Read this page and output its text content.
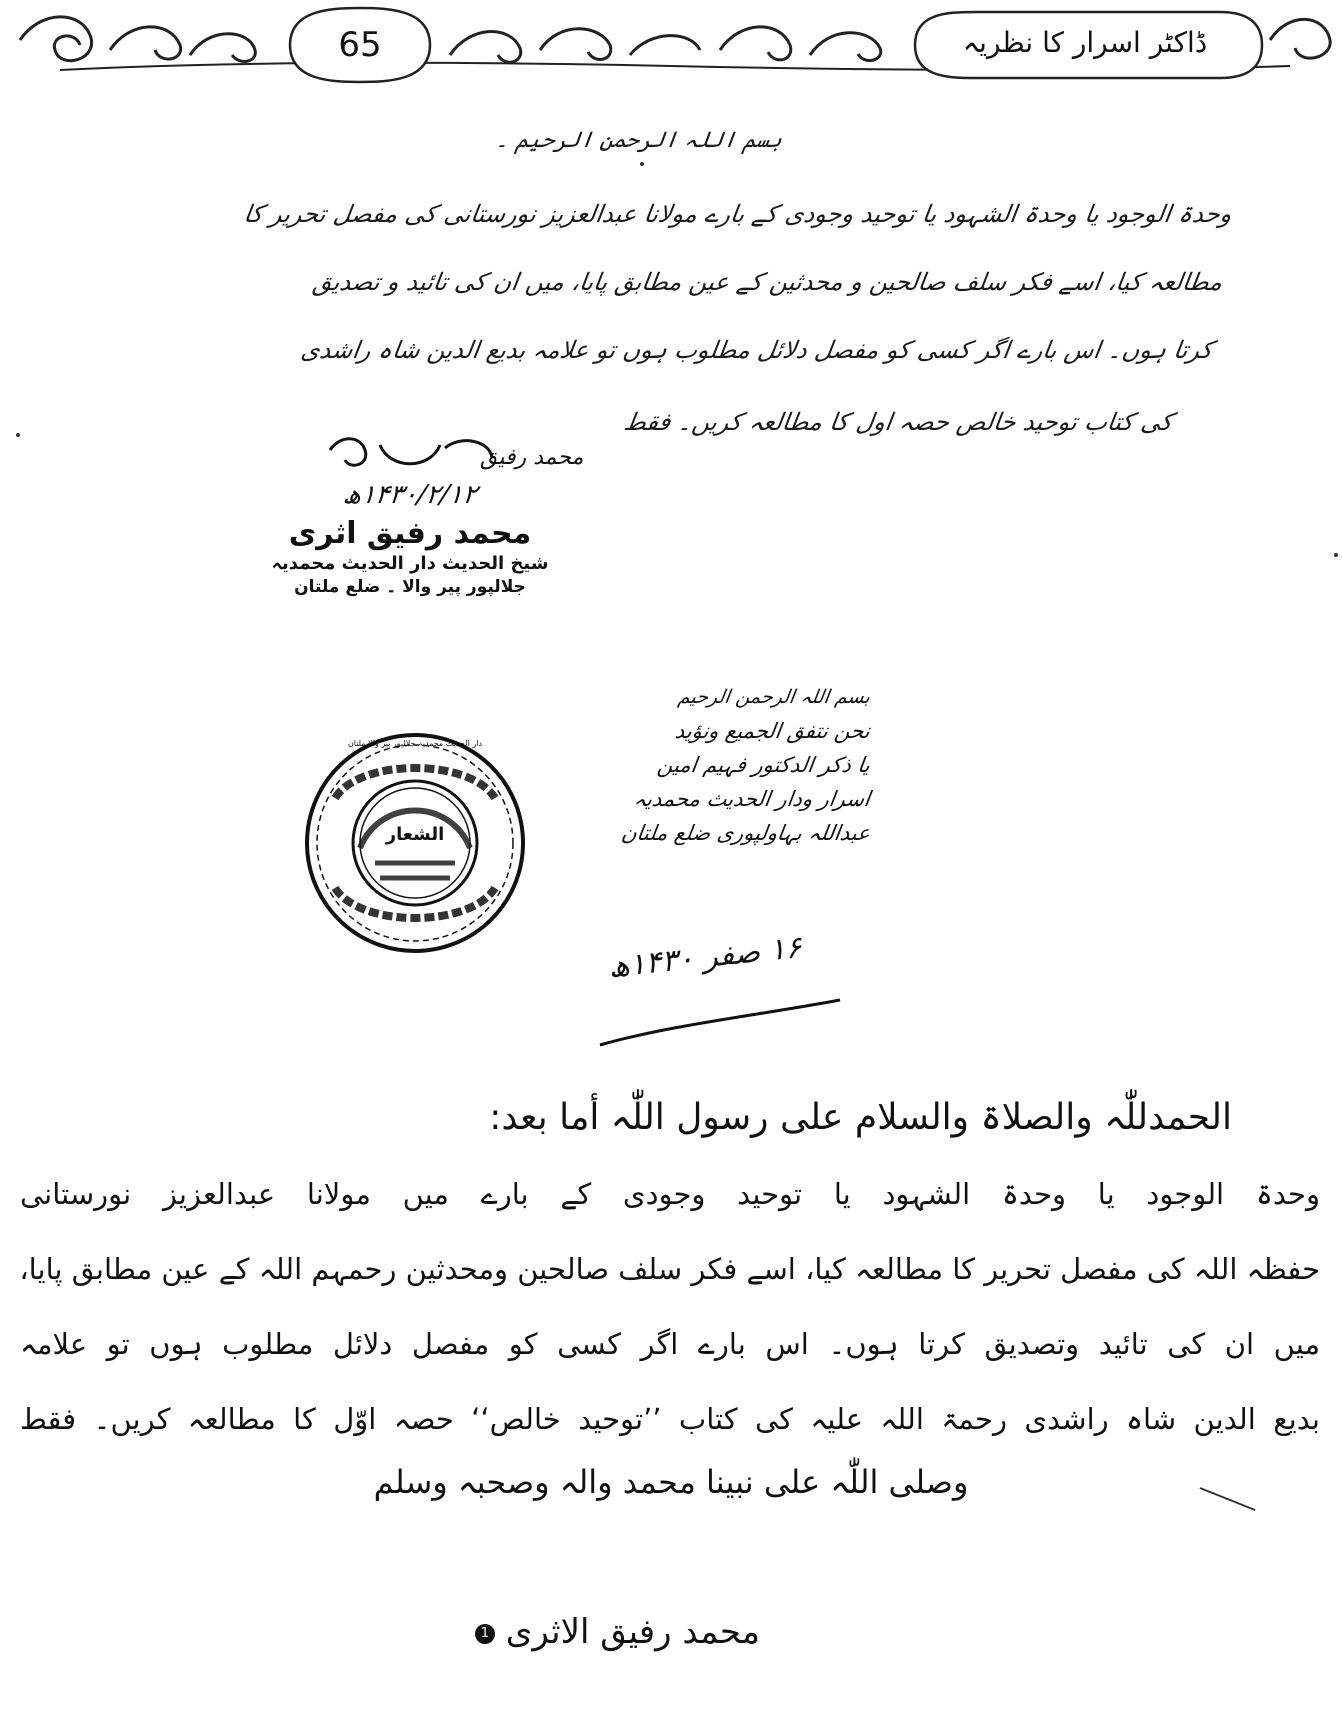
65	ڈاکٹر اسرار کا نظریہ
بسم اللہ الرحمن الرحیم ۔
وحدۃ الوجود یا وحدۃ الشہود یا توحید وجودی کے بارے مولانا عبدالعزیز نورستانی کی مفصل تحریر کا
مطالعہ کیا، اسے فکر سلف صالحین و محدثین کے عین مطابق پایا، میں ان کی تائید و تصدیق
کرتا ہوں۔ اس بارے اگر کسی کو مفصل دلائل مطلوب ہوں تو علامہ بدیع الدین شاہ راشدی
کی کتاب توحید خالص حصہ اول کا مطالعہ کریں۔ فقط
۱۴۳۰/۲/۱۲ھ
محمد رفیق اثری
شیخ الحدیث دار الحدیث محمدیہ
جلالپور پیر والا ۔ ضلع ملتان
محمد رفیق
الشعار
دار الحدیث محمدیہ جلالپور پیر والا ملتان
بسم اللہ الرحمن الرحیم
نحن نتفق الجمیع ونؤید
یا ذکر الدکتور فہیم امین
اسرار ودار الحدیث محمدیہ
عبداللہ بہاولپوری ضلع ملتان
۱۶ صفر ۱۴۳۰ھ
الحمدللّٰہ والصلاۃ والسلام علی رسول اللّٰہ أما بعد:
وحدۃ الوجود یا وحدۃ الشہود یا توحید وجودی کے بارے میں مولانا عبدالعزیز نورستانی
حفظہ اللہ کی مفصل تحریر کا مطالعہ کیا، اسے فکر سلف صالحین ومحدثین رحمہم اللہ کے عین مطابق پایا،
میں ان کی تائید وتصدیق کرتا ہوں۔ اس بارے اگر کسی کو مفصل دلائل مطلوب ہوں تو علامہ
بدیع الدین شاہ راشدی رحمۃ اللہ علیہ کی کتاب ’’توحید خالص‘‘ حصہ اوّل کا مطالعہ کریں۔ فقط
وصلی اللّٰہ علی نبینا محمد والہ وصحبہ وسلم
محمد رفیق الاثری 1
